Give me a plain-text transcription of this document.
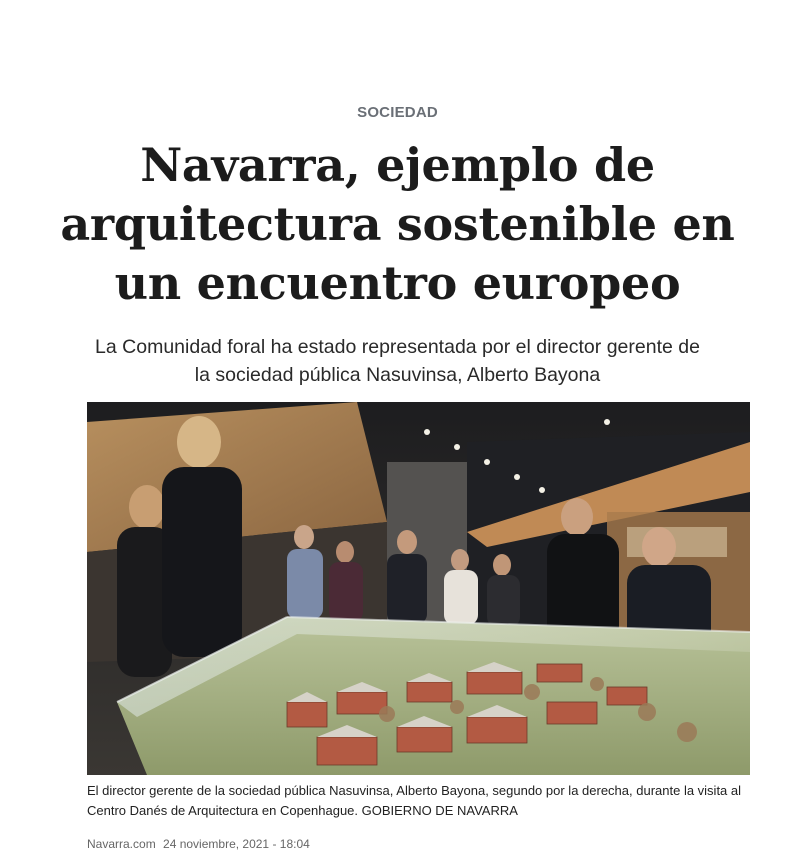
SOCIEDAD
Navarra, ejemplo de arquitectura sostenible en un encuentro europeo

La Comunidad foral ha estado representada por el director gerente de la sociedad pública Nasuvinsa, Alberto Bayona

El director gerente de la sociedad pública Nasuvinsa, Alberto Bayona, segundo por la derecha, durante la visita al Centro Danés de Arquitectura en Copenhague. GOBIERNO DE NAVARRA

Navarra.com 24 noviembre, 2021 - 18:04
